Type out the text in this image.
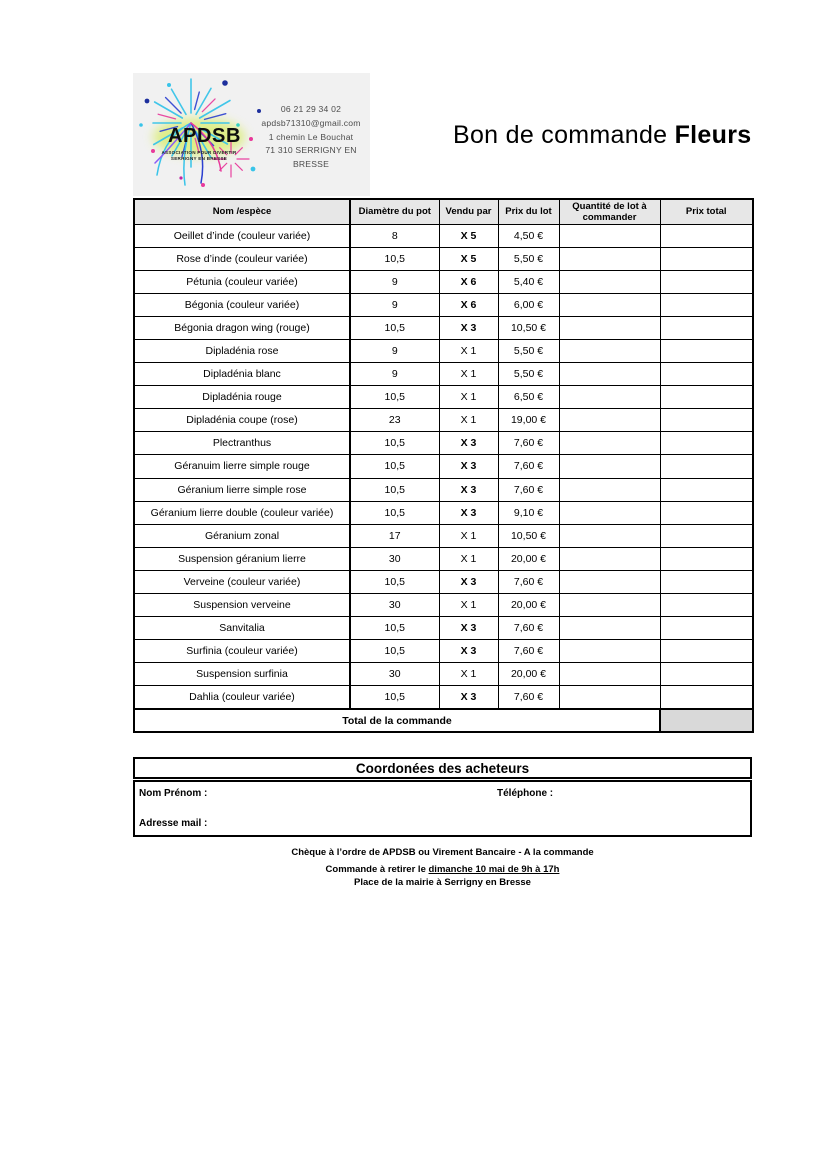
APDSB
ASSOCIATION POUR DIVERTIR
SERRIGNY EN BRESSE
06 21 29 34 02
apdsb71310@gmail.com
1 chemin Le Bouchat
71 310 SERRIGNY EN BRESSE
Bon de commande Fleurs
Nom /espèce	Diamètre du pot	Vendu par	Prix du lot	Quantité de lot à commander	Prix total
Oeillet d’inde (couleur variée)	8	X 5	4,50 €		
Rose d’inde (couleur variée)	10,5	X 5	5,50 €		
Pétunia (couleur variée)	9	X 6	5,40 €		
Bégonia (couleur variée)	9	X 6	6,00 €		
Bégonia dragon wing (rouge)	10,5	X 3	10,50 €		
Dipladénia rose	9	X 1	5,50 €		
Dipladénia blanc	9	X 1	5,50 €		
Dipladénia rouge	10,5	X 1	6,50 €		
Dipladénia coupe (rose)	23	X 1	19,00 €		
Plectranthus	10,5	X 3	7,60 €		
Géranuim lierre simple rouge	10,5	X 3	7,60 €		
Géranium lierre simple rose	10,5	X 3	7,60 €		
Géranium lierre double (couleur variée)	10,5	X 3	9,10 €		
Géranium zonal	17	X 1	10,50 €		
Suspension géranium lierre	30	X 1	20,00 €		
Verveine (couleur variée)	10,5	X 3	7,60 €		
Suspension verveine	30	X 1	20,00 €		
Sanvitalia	10,5	X 3	7,60 €		
Surfinia (couleur variée)	10,5	X 3	7,60 €		
Suspension surfinia	30	X 1	20,00 €		
Dahlia (couleur variée)	10,5	X 3	7,60 €		
Total de la commande					
Coordonées des acheteurs
Nom Prénom :	Téléphone :
Adresse mail :
Chèque à l’ordre de APDSB ou Virement Bancaire - A la commande
Commande à retirer le dimanche 10 mai de 9h à 17h
Place de la mairie à Serrigny en Bresse
